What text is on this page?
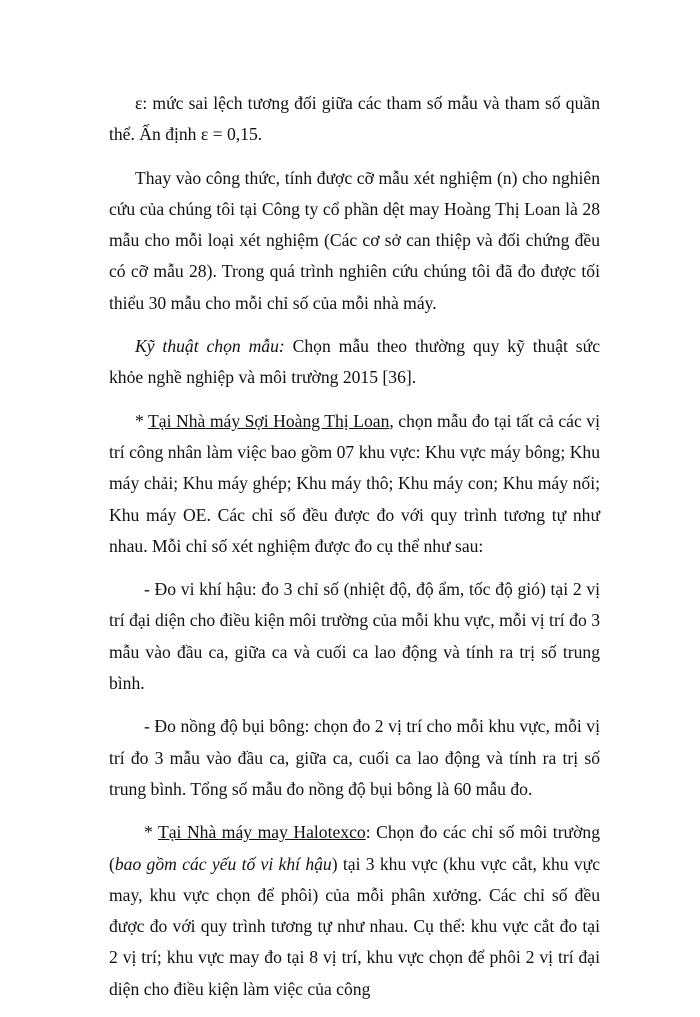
ε: mức sai lệch tương đối giữa các tham số mẫu và tham số quần thể. Ấn định ε = 0,15.

Thay vào công thức, tính được cỡ mẫu xét nghiệm (n) cho nghiên cứu của chúng tôi tại Công ty cổ phần dệt may Hoàng Thị Loan là 28 mẫu cho mỗi loại xét nghiệm (Các cơ sở can thiệp và đối chứng đều có cỡ mẫu 28). Trong quá trình nghiên cứu chúng tôi đã đo được tối thiểu 30 mẫu cho mỗi chỉ số của mỗi nhà máy.

Kỹ thuật chọn mẫu: Chọn mẫu theo thường quy kỹ thuật sức khỏe nghề nghiệp và môi trường 2015 [36].

* Tại Nhà máy Sợi Hoàng Thị Loan, chọn mẫu đo tại tất cả các vị trí công nhân làm việc bao gồm 07 khu vực: Khu vực máy bông; Khu máy chải; Khu máy ghép; Khu máy thô; Khu máy con; Khu máy nối; Khu máy OE. Các chỉ số đều được đo với quy trình tương tự như nhau. Mỗi chỉ số xét nghiệm được đo cụ thể như sau:

- Đo vi khí hậu: đo 3 chỉ số (nhiệt độ, độ ẩm, tốc độ gió) tại 2 vị trí đại diện cho điều kiện môi trường của mỗi khu vực, mỗi vị trí đo 3 mẫu vào đầu ca, giữa ca và cuối ca lao động và tính ra trị số trung bình.

- Đo nồng độ bụi bông: chọn đo 2 vị trí cho mỗi khu vực, mỗi vị trí đo 3 mẫu vào đầu ca, giữa ca, cuối ca lao động và tính ra trị số trung bình. Tổng số mẫu đo nồng độ bụi bông là 60 mẫu đo.

* Tại Nhà máy may Halotexco: Chọn đo các chỉ số môi trường (bao gồm các yếu tố vi khí hậu) tại 3 khu vực (khu vực cắt, khu vực may, khu vực chọn để phôi) của mỗi phân xưởng. Các chỉ số đều được đo với quy trình tương tự như nhau. Cụ thể: khu vực cắt đo tại 2 vị trí; khu vực may đo tại 8 vị trí, khu vực chọn để phôi 2 vị trí đại diện cho điều kiện làm việc của công
